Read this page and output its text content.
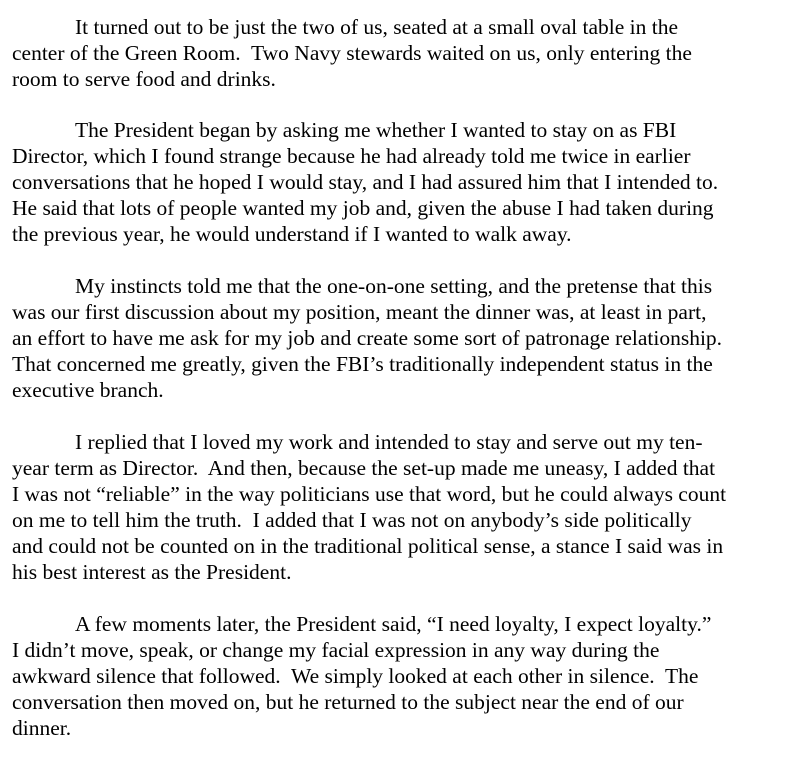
It turned out to be just the two of us, seated at a small oval table in the
center of the Green Room.  Two Navy stewards waited on us, only entering the
room to serve food and drinks.
The President began by asking me whether I wanted to stay on as FBI
Director, which I found strange because he had already told me twice in earlier
conversations that he hoped I would stay, and I had assured him that I intended to.
He said that lots of people wanted my job and, given the abuse I had taken during
the previous year, he would understand if I wanted to walk away.
My instincts told me that the one-on-one setting, and the pretense that this
was our first discussion about my position, meant the dinner was, at least in part,
an effort to have me ask for my job and create some sort of patronage relationship.
That concerned me greatly, given the FBI’s traditionally independent status in the
executive branch.
I replied that I loved my work and intended to stay and serve out my ten-
year term as Director.  And then, because the set-up made me uneasy, I added that
I was not “reliable” in the way politicians use that word, but he could always count
on me to tell him the truth.  I added that I was not on anybody’s side politically
and could not be counted on in the traditional political sense, a stance I said was in
his best interest as the President.
A few moments later, the President said, “I need loyalty, I expect loyalty.”
I didn’t move, speak, or change my facial expression in any way during the
awkward silence that followed.  We simply looked at each other in silence.  The
conversation then moved on, but he returned to the subject near the end of our
dinner.
